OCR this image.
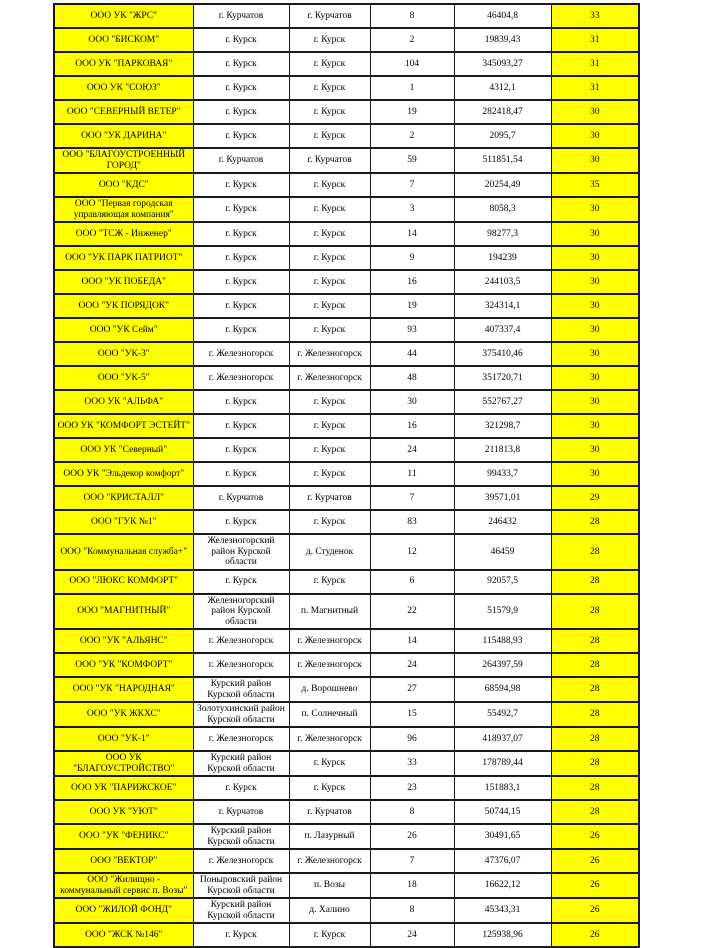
ООО УК "ЖРС"	г. Курчатов	г. Курчатов	8	46404,8	33
ООО "БИСКОМ"	г. Курск	г. Курск	2	19839,43	31
ООО УК "ПАРКОВАЯ"	г. Курск	г. Курск	104	345093,27	31
ООО УК "СОЮЗ"	г. Курск	г. Курск	1	4312,1	31
ООО "СЕВЕРНЫЙ ВЕТЕР"	г. Курск	г. Курск	19	282418,47	30
ООО "УК ДАРИНА"	г. Курск	г. Курск	2	2095,7	30
ООО "БЛАГОУСТРОЕННЫЙ ГОРОД"	г. Курчатов	г. Курчатов	59	511851,54	30
ООО "КДС"	г. Курск	г. Курск	7	20254,49	35
ООО "Первая городская управляющая компания"	г. Курск	г. Курск	3	8058,3	30
ООО "ТСЖ - Инженер"	г. Курск	г. Курск	14	98277,3	30
ООО "УК ПАРК ПАТРИОТ"	г. Курск	г. Курск	9	194239	30
ООО "УК ПОБЕДА"	г. Курск	г. Курск	16	244103,5	30
ООО "УК ПОРЯДОК"	г. Курск	г. Курск	19	324314,1	30
ООО "УК Сейм"	г. Курск	г. Курск	93	407337,4	30
ООО "УК-3"	г. Железногорск	г. Железногорск	44	375410,46	30
ООО "УК-5"	г. Железногорск	г. Железногорск	48	351720,71	30
ООО УК "АЛЬФА"	г. Курск	г. Курск	30	552767,27	30
ООО УК "КОМФОРТ ЭСТЕЙТ"	г. Курск	г. Курск	16	321298,7	30
ООО УК "Северный"	г. Курск	г. Курск	24	211813,8	30
ООО УК "Эльдекор комфорт"	г. Курск	г. Курск	11	99433,7	30
ООО "КРИСТАЛЛ"	г. Курчатов	г. Курчатов	7	39571,01	29
ООО "ГУК №1"	г. Курск	г. Курск	83	246432	28
ООО "Коммунальная служба+"	Железногорский район Курской области	д. Студенок	12	46459	28
ООО "ЛЮКС КОМФОРТ"	г. Курск	г. Курск	6	92057,5	28
ООО "МАГНИТНЫЙ"	Железногорский район Курской области	п. Магнитный	22	51579,9	28
ООО "УК "АЛЬЯНС"	г. Железногорск	г. Железногорск	14	115488,93	28
ООО "УК "КОМФОРТ"	г. Железногорск	г. Железногорск	24	264397,59	28
ООО "УК "НАРОДНАЯ"	Курский район Курской области	д. Ворошнево	27	68594,98	28
ООО "УК ЖКХС"	Золотухинский район Курской области	п. Солнечный	15	55492,7	28
ООО "УК-1"	г. Железногорск	г. Железногорск	96	418937,07	28
ООО УК "БЛАГОУСТРОЙСТВО"	Курский район Курской области	г. Курск	33	178789,44	28
ООО УК "ПАРИЖСКОЕ"	г. Курск	г. Курск	23	151883,1	28
ООО УК "УЮТ"	г. Курчатов	г. Курчатов	8	50744,15	28
ООО "УК "ФЕНИКС"	Курский район Курской области	п. Лазурный	26	30491,65	26
ООО "ВЕКТОР"	г. Железногорск	г. Железногорск	7	47376,07	26
ООО "Жилищно - коммунальный сервис п. Возы"	Поныровский район Курской области	п. Возы	18	16622,12	26
ООО "ЖИЛОЙ ФОНД"	Курский район Курской области	д. Халино	8	45343,31	26
ООО "ЖСК №146"	г. Курск	г. Курск	24	125938,96	26
